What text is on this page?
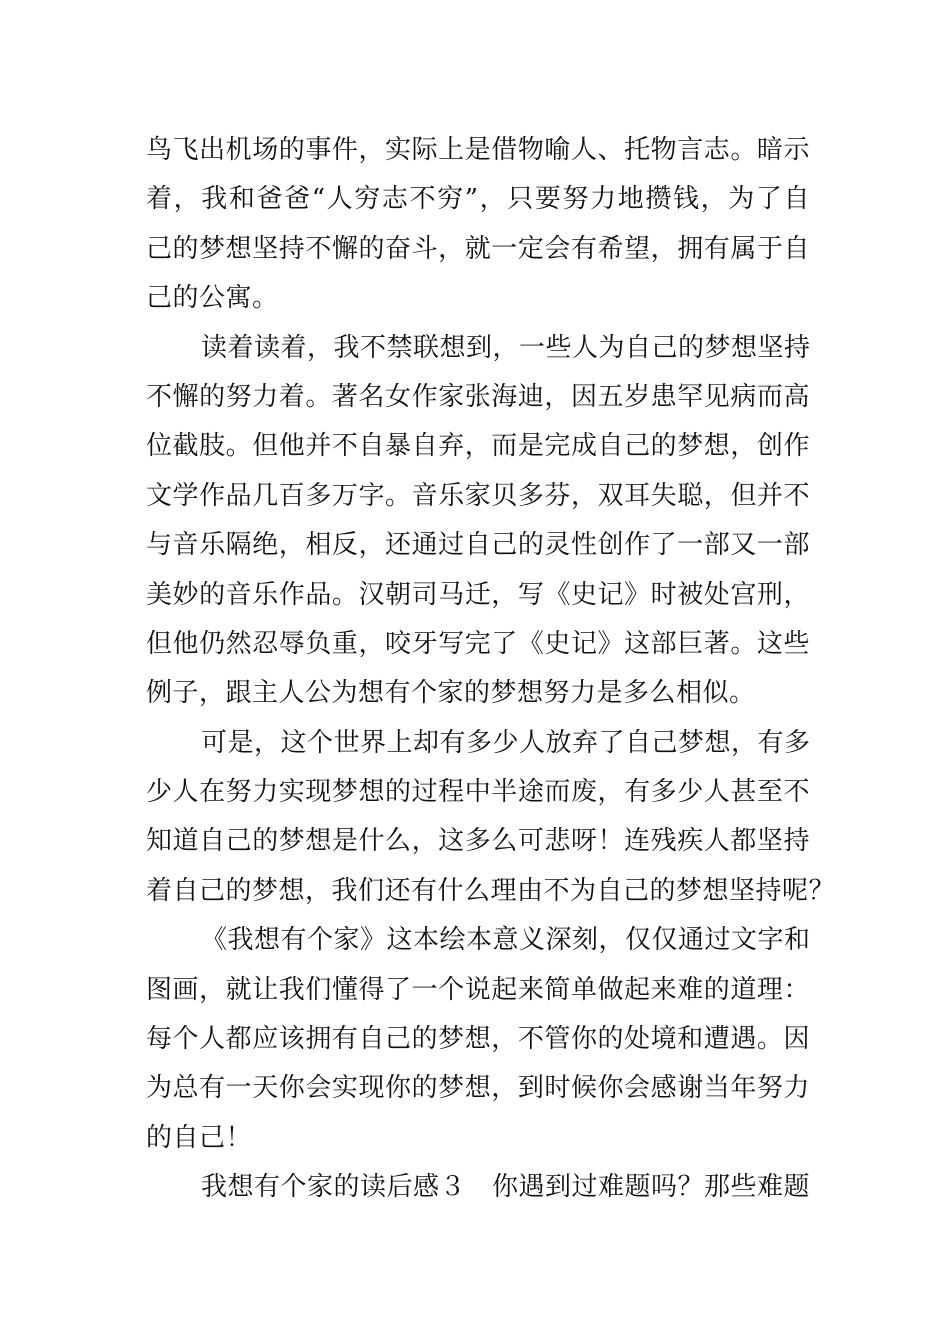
鸟飞出机场的事件，实际上是借物喻人、托物言志。暗示
着，我和爸爸“人穷志不穷”，只要努力地攒钱，为了自
己的梦想坚持不懈的奋斗，就一定会有希望，拥有属于自
己的公寓。
读着读着，我不禁联想到，一些人为自己的梦想坚持
不懈的努力着。著名女作家张海迪，因五岁患罕见病而高
位截肢。但他并不自暴自弃，而是完成自己的梦想，创作
文学作品几百多万字。音乐家贝多芬，双耳失聪，但并不
与音乐隔绝，相反，还通过自己的灵性创作了一部又一部
美妙的音乐作品。汉朝司马迁，写《史记》时被处宫刑，
但他仍然忍辱负重，咬牙写完了《史记》这部巨著。这些
例子，跟主人公为想有个家的梦想努力是多么相似。
可是，这个世界上却有多少人放弃了自己梦想，有多
少人在努力实现梦想的过程中半途而废，有多少人甚至不
知道自己的梦想是什么，这多么可悲呀！连残疾人都坚持
着自己的梦想，我们还有什么理由不为自己的梦想坚持呢？
《我想有个家》这本绘本意义深刻，仅仅通过文字和
图画，就让我们懂得了一个说起来简单做起来难的道理：
每个人都应该拥有自己的梦想，不管你的处境和遭遇。因
为总有一天你会实现你的梦想，到时候你会感谢当年努力
的自己！
我想有个家的读后感３ 你遇到过难题吗？那些难题
